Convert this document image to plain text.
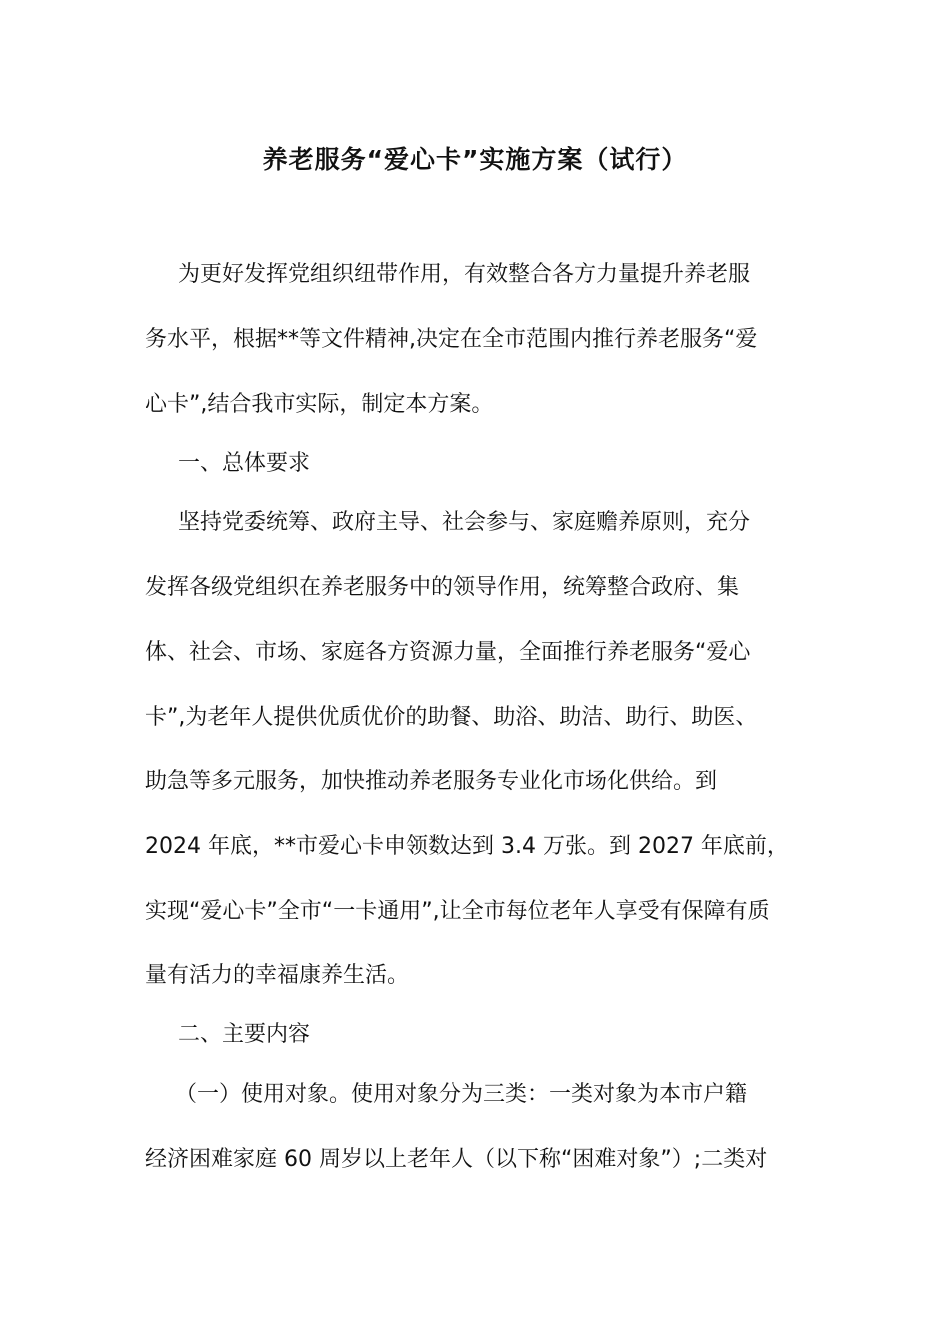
养老服务“爱心卡”实施方案（试行）
为更好发挥党组织纽带作用，有效整合各方力量提升养老服
务水平，根据**等文件精神,决定在全市范围内推行养老服务“爱
心卡”,结合我市实际，制定本方案。
一、总体要求
坚持党委统筹、政府主导、社会参与、家庭赡养原则，充分
发挥各级党组织在养老服务中的领导作用，统筹整合政府、集
体、社会、市场、家庭各方资源力量，全面推行养老服务“爱心
卡”,为老年人提供优质优价的助餐、助浴、助洁、助行、助医、
助急等多元服务，加快推动养老服务专业化市场化供给。到
2024 年底，**市爱心卡申领数达到 3.4 万张。到 2027 年底前，
实现“爱心卡”全市“一卡通用”,让全市每位老年人享受有保障有质
量有活力的幸福康养生活。
二、主要内容
（一）使用对象。使用对象分为三类：一类对象为本市户籍
经济困难家庭 60 周岁以上老年人（以下称“困难对象”）;二类对
